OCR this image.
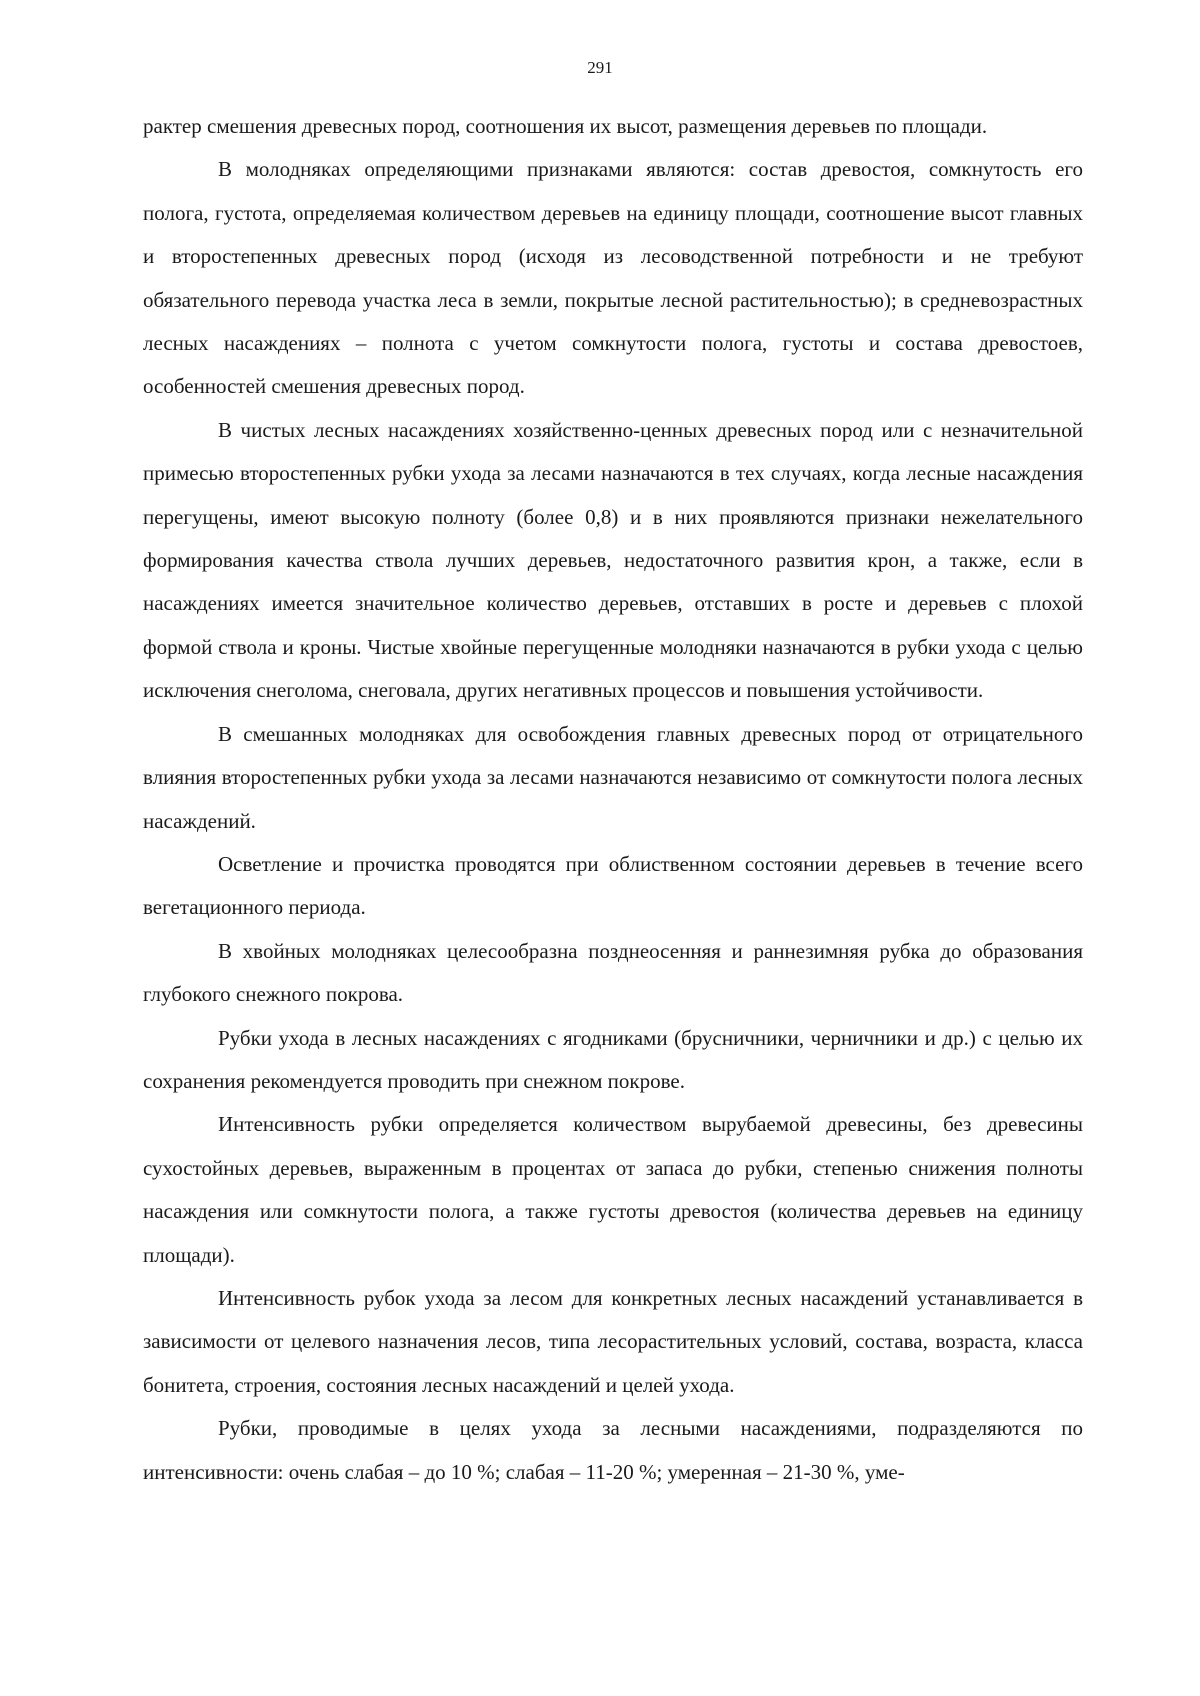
291

рактер смешения древесных пород, соотношения их высот, размещения деревьев по площади.

В молодняках определяющими признаками являются: состав древостоя, сомкнутость его полога, густота, определяемая количеством деревьев на единицу площади, соотношение высот главных и второстепенных древесных пород (исходя из лесоводственной потребности и не требуют обязательного перевода участка леса в земли, покрытые лесной растительностью); в средневозрастных лесных насаждениях – полнота с учетом сомкнутости полога, густоты и состава древостоев, особенностей смешения древесных пород.

В чистых лесных насаждениях хозяйственно-ценных древесных пород или с незначительной примесью второстепенных рубки ухода за лесами назначаются в тех случаях, когда лесные насаждения перегущены, имеют высокую полноту (более 0,8) и в них проявляются признаки нежелательного формирования качества ствола лучших деревьев, недостаточного развития крон, а также, если в насаждениях имеется значительное количество деревьев, отставших в росте и деревьев с плохой формой ствола и кроны. Чистые хвойные перегущенные молодняки назначаются в рубки ухода с целью исключения снеголома, снеговала, других негативных процессов и повышения устойчивости.

В смешанных молодняках для освобождения главных древесных пород от отрицательного влияния второстепенных рубки ухода за лесами назначаются независимо от сомкнутости полога лесных насаждений.

Осветление и прочистка проводятся при облиственном состоянии деревьев в течение всего вегетационного периода.

В хвойных молодняках целесообразна позднеосенняя и раннезимняя рубка до образования глубокого снежного покрова.

Рубки ухода в лесных насаждениях с ягодниками (брусничники, черничники и др.) с целью их сохранения рекомендуется проводить при снежном покрове.

Интенсивность рубки определяется количеством вырубаемой древесины, без древесины сухостойных деревьев, выраженным в процентах от запаса до рубки, степенью снижения полноты насаждения или сомкнутости полога, а также густоты древостоя (количества деревьев на единицу площади).

Интенсивность рубок ухода за лесом для конкретных лесных насаждений устанавливается в зависимости от целевого назначения лесов, типа лесорастительных условий, состава, возраста, класса бонитета, строения, состояния лесных насаждений и целей ухода.

Рубки, проводимые в целях ухода за лесными насаждениями, подразделяются по интенсивности: очень слабая – до 10 %; слабая – 11-20 %; умеренная – 21-30 %, уме-
